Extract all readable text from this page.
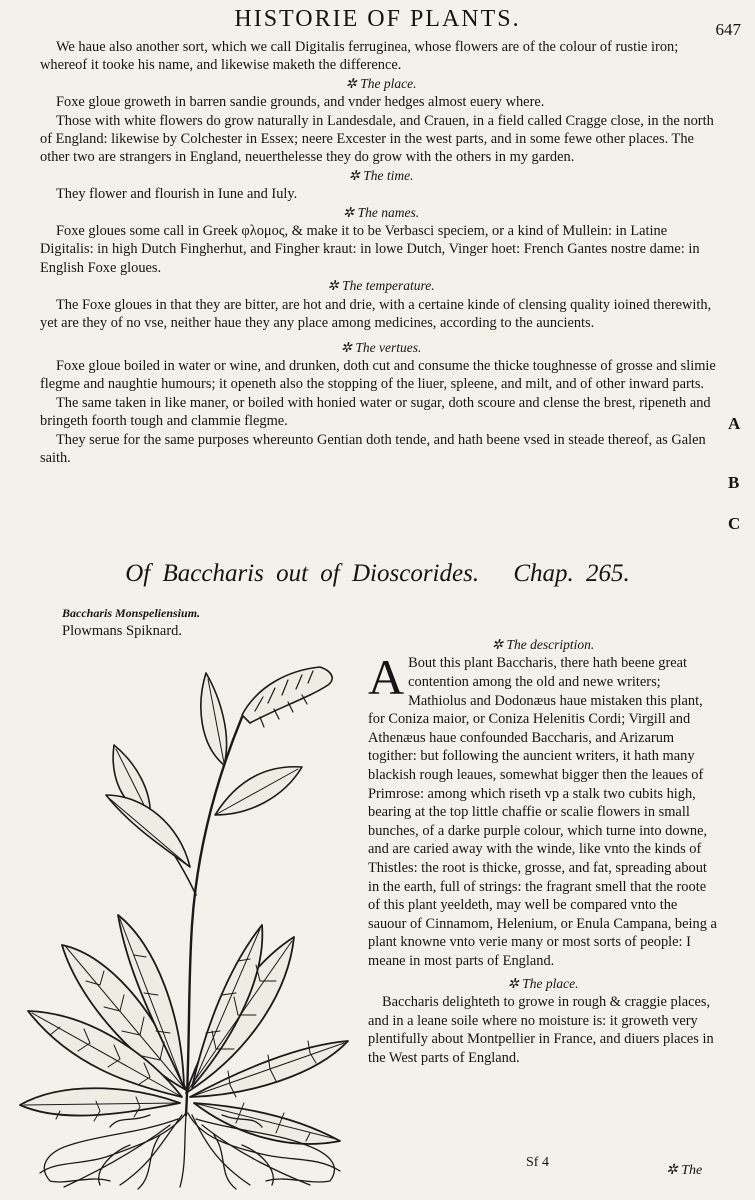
HISTORIE OF PLANTS.	647

We haue also another sort, which we call Digitalis ferruginea, whose flowers are of the colour of rustie iron; whereof it tooke his name, and likewise maketh the difference.

✲ The place.

Foxe gloue groweth in barren sandie grounds, and vnder hedges almost euery where.

Those with white flowers do grow naturally in Landesdale, and Crauen, in a field called Cragge close, in the north of England: likewise by Colchester in Essex; neere Excester in the west parts, and in some fewe other places. The other two are strangers in England, neuerthelesse they do grow with the others in my garden.

✲ The time.

They flower and flourish in Iune and Iuly.

✲ The names.

Foxe gloues some call in Greek φλομος, & make it to be Verbasci speciem, or a kind of Mullein: in Latine Digitalis: in high Dutch Fingherhut, and Fingher kraut: in lowe Dutch, Vinger hoet: French Gantes nostre dame: in English Foxe gloues.

✲ The temperature.

The Foxe gloues in that they are bitter, are hot and drie, with a certaine kinde of clensing quality ioined therewith, yet are they of no vse, neither haue they any place among medicines, according to the auncients.

✲ The vertues.

Foxe gloue boiled in water or wine, and drunken, doth cut and consume the thicke toughnesse of grosse and slimie flegme and naughtie humours; it openeth also the stopping of the liuer, spleene, and milt, and of other inward parts.

The same taken in like maner, or boiled with honied water or sugar, doth scoure and clense the brest, ripeneth and bringeth foorth tough and clammie flegme.

They serue for the same purposes whereunto Gentian doth tende, and hath beene vsed in steade thereof, as Galen saith.

A
B
C
Of Baccharis out of Dioscorides. Chap. 265.
Baccharis Monspeliensium.
Plowmans Spiknard.
✲ The description.

A Bout this plant Baccharis, there hath beene great contention among the old and newe writers; Mathiolus and Dodonæus haue mistaken this plant, for Coniza maior, or Coniza Helenitis Cordi; Virgill and Athenæus haue confounded Baccharis, and Arizarum togither: but following the auncient writers, it hath many blackish rough leaues, somewhat bigger then the leaues of Primrose: among which riseth vp a stalk two cubits high, bearing at the top little chaffie or scalie flowers in small bunches, of a darke purple colour, which turne into downe, and are caried away with the winde, like vnto the kinds of Thistles: the root is thicke, grosse, and fat, spreading about in the earth, full of strings: the fragrant smell that the roote of this plant yeeldeth, may well be compared vnto the sauour of Cinnamom, Helenium, or Enula Campana, being a plant knowne vnto verie many or most sorts of people: I meane in most parts of England.

✲ The place.

Baccharis delighteth to growe in rough & craggie places, and in a leane soile where no moisture is: it groweth very plentifully about Montpellier in France, and diuers places in the West parts of England.

Sf 4
✲ The
